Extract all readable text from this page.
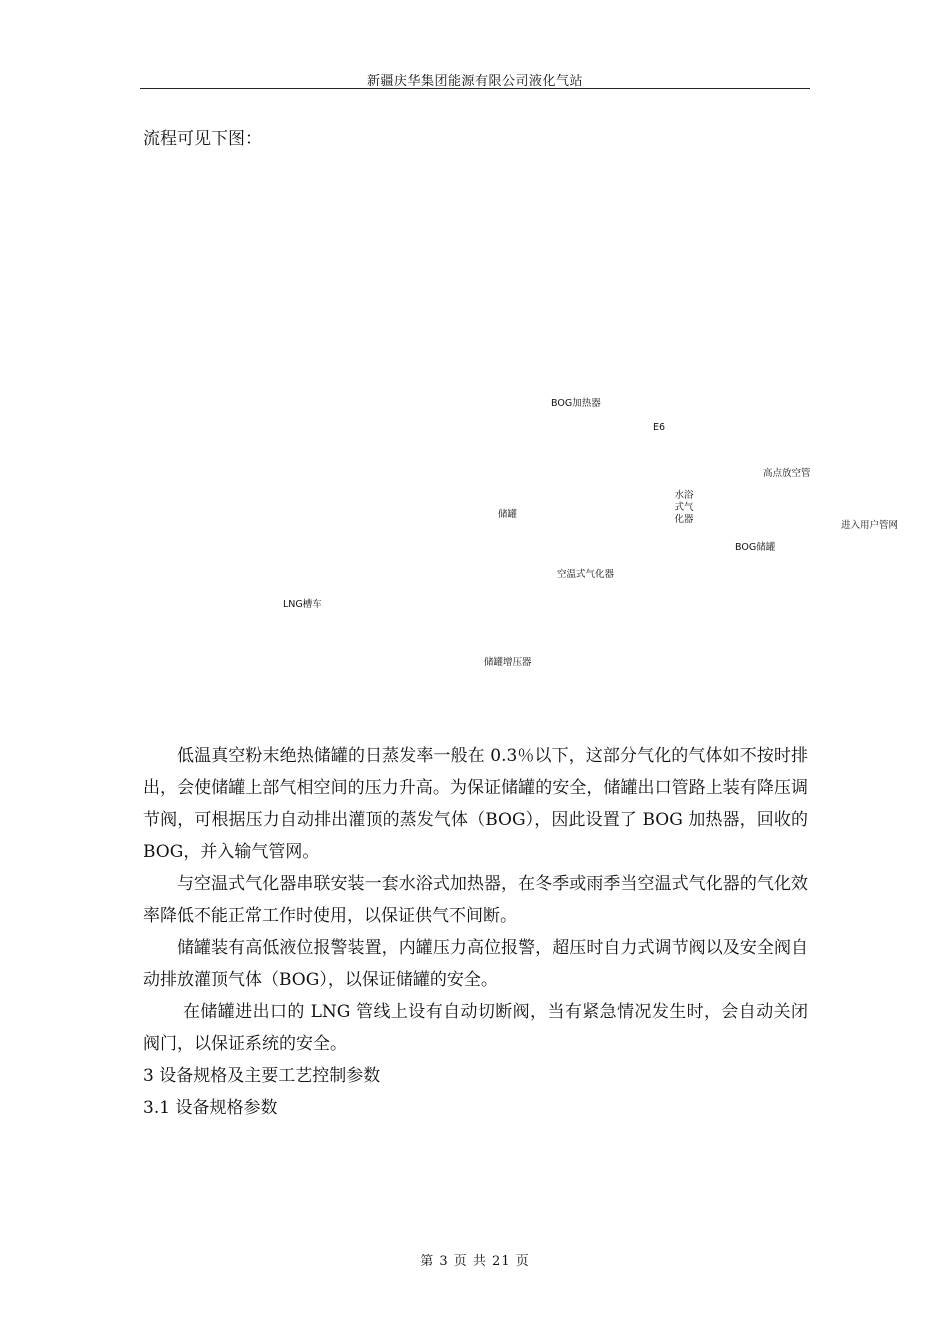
新疆庆华集团能源有限公司液化气站
流程可见下图：
BOG加热器
E6
高点放空管
水浴式气化器
储罐
进入用户管网
BOG储罐
空温式气化器
LNG槽车
储罐增压器

低温真空粉末绝热储罐的日蒸发率一般在 0.3％以下，这部分气化的气体如不按时排出，会使储罐上部气相空间的压力升高。为保证储罐的安全，储罐出口管路上装有降压调节阀，可根据压力自动排出灌顶的蒸发气体（BOG），因此设置了 BOG 加热器，回收的 BOG，并入输气管网。

与空温式气化器串联安装一套水浴式加热器，在冬季或雨季当空温式气化器的气化效率降低不能正常工作时使用，以保证供气不间断。

储罐装有高低液位报警装置，内罐压力高位报警，超压时自力式调节阀以及安全阀自动排放灌顶气体（BOG），以保证储罐的安全。

在储罐进出口的 LNG 管线上设有自动切断阀，当有紧急情况发生时，会自动关闭阀门，以保证系统的安全。

3 设备规格及主要工艺控制参数

3.1 设备规格参数

第 3 页 共 21 页
